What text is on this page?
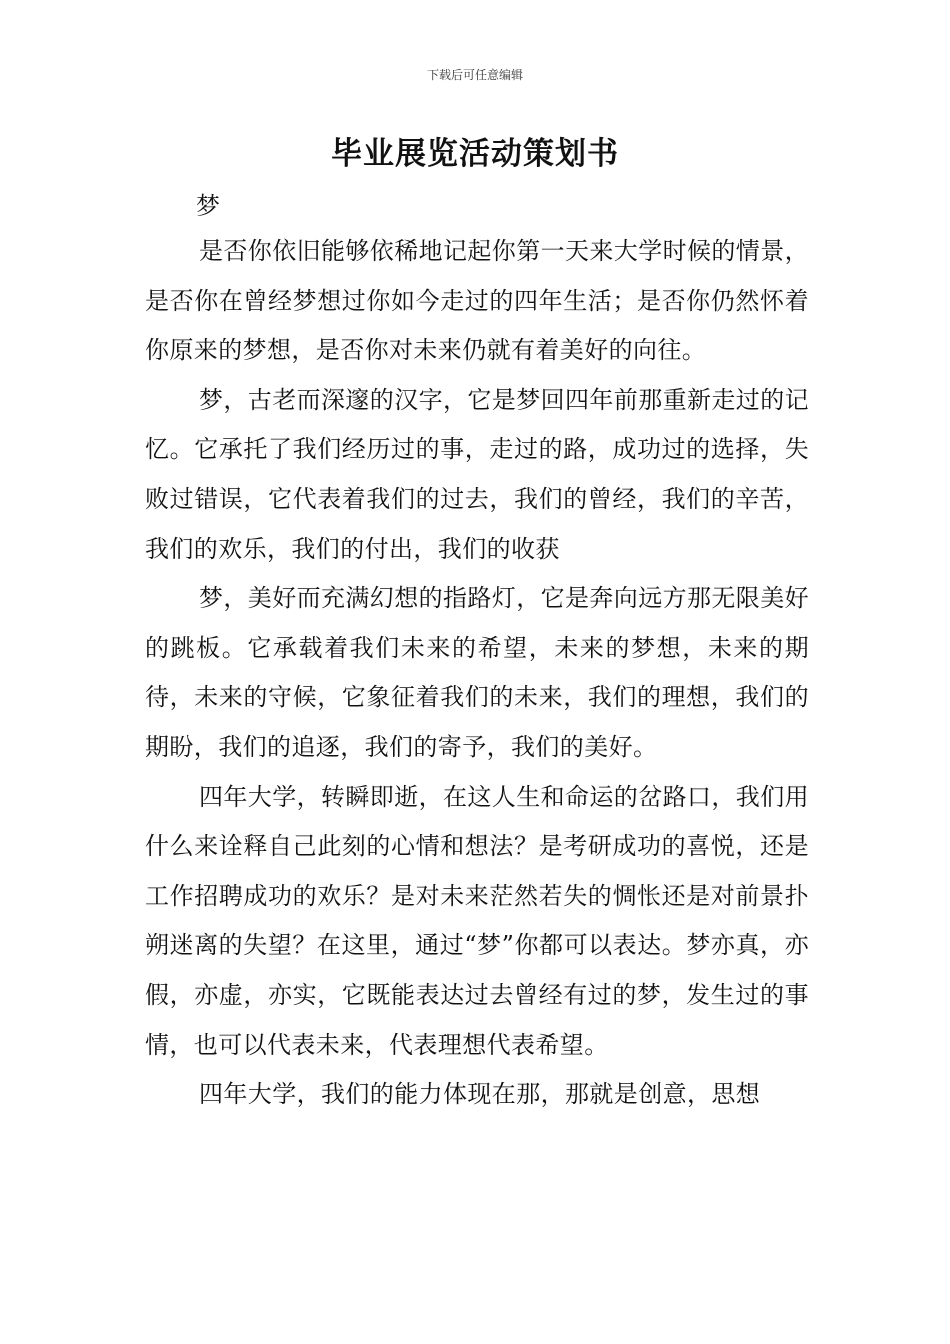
下载后可任意编辑
毕业展览活动策划书
梦

是否你依旧能够依稀地记起你第一天来大学时候的情景，是否你在曾经梦想过你如今走过的四年生活；是否你仍然怀着你原来的梦想，是否你对未来仍就有着美好的向往。

梦，古老而深邃的汉字，它是梦回四年前那重新走过的记忆。它承托了我们经历过的事，走过的路，成功过的选择，失败过错误，它代表着我们的过去，我们的曾经，我们的辛苦，我们的欢乐，我们的付出，我们的收获

梦，美好而充满幻想的指路灯，它是奔向远方那无限美好的跳板。它承载着我们未来的希望，未来的梦想，未来的期待，未来的守候，它象征着我们的未来，我们的理想，我们的期盼，我们的追逐，我们的寄予，我们的美好。

四年大学，转瞬即逝，在这人生和命运的岔路口，我们用什么来诠释自己此刻的心情和想法？是考研成功的喜悦，还是工作招聘成功的欢乐？是对未来茫然若失的惆怅还是对前景扑朔迷离的失望？在这里，通过“梦”你都可以表达。梦亦真，亦假，亦虚，亦实，它既能表达过去曾经有过的梦，发生过的事情，也可以代表未来，代表理想代表希望。

四年大学，我们的能力体现在那，那就是创意，思想
